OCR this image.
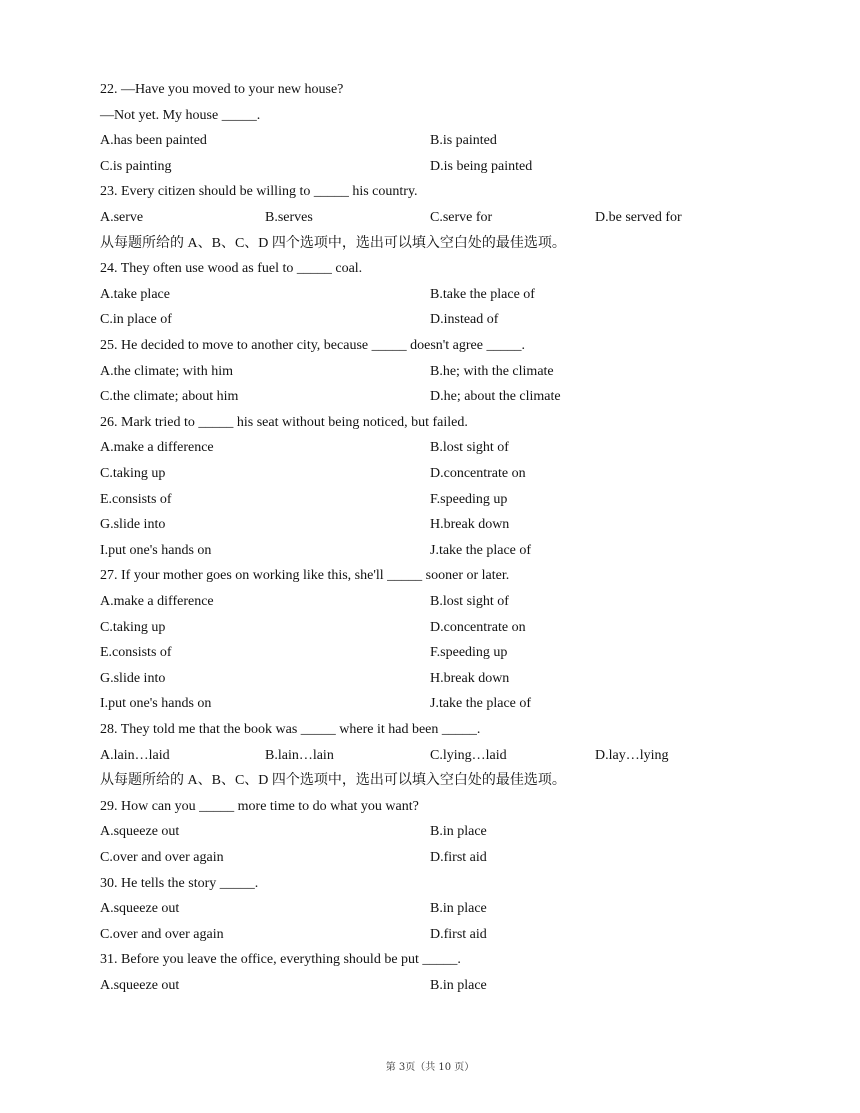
22. —Have you moved to your new house?
—Not yet. My house _____.
A.has been painted	B.is painted
C.is painting	D.is being painted
23. Every citizen should be willing to _____ his country.
A.serve	B.serves	C.serve for	D.be served for
从每题所给的 A、B、C、D 四个选项中，选出可以填入空白处的最佳选项。
24. They often use wood as fuel to _____ coal.
A.take place	B.take the place of
C.in place of	D.instead of
25. He decided to move to another city, because _____ doesn't agree _____.
A.the climate; with him	B.he; with the climate
C.the climate; about him	D.he; about the climate
26. Mark tried to _____ his seat without being noticed, but failed.
A.make a difference	B.lost sight of
C.taking up	D.concentrate on
E.consists of	F.speeding up
G.slide into	H.break down
I.put one's hands on	J.take the place of
27. If your mother goes on working like this, she'll _____ sooner or later.
A.make a difference	B.lost sight of
C.taking up	D.concentrate on
E.consists of	F.speeding up
G.slide into	H.break down
I.put one's hands on	J.take the place of
28. They told me that the book was _____ where it had been _____.
A.lain…laid	B.lain…lain	C.lying…laid	D.lay…lying
从每题所给的 A、B、C、D 四个选项中，选出可以填入空白处的最佳选项。
29. How can you _____ more time to do what you want?
A.squeeze out	B.in place
C.over and over again	D.first aid
30. He tells the story _____.
A.squeeze out	B.in place
C.over and over again	D.first aid
31. Before you leave the office, everything should be put _____.
A.squeeze out	B.in place
第 3页（共 10 页）
